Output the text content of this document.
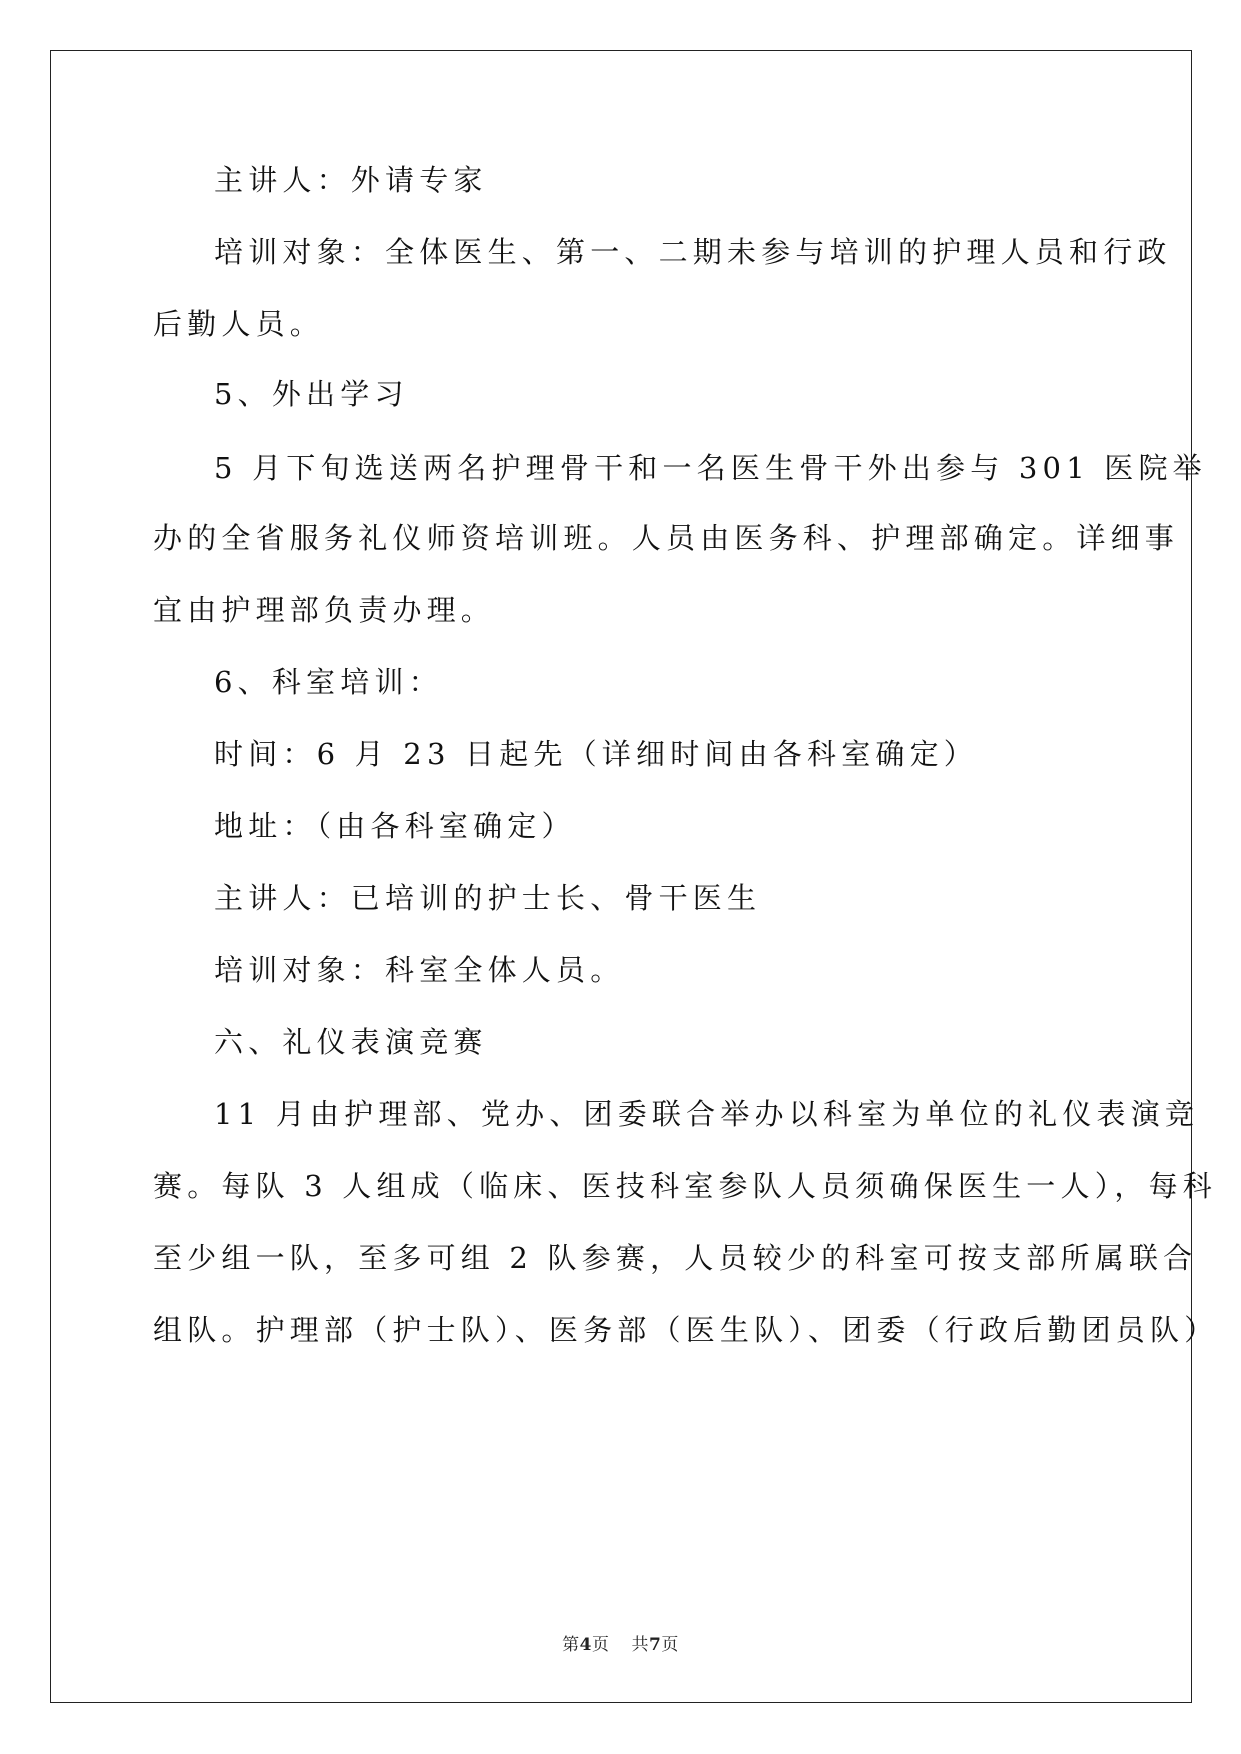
主讲人：外请专家
培训对象：全体医生、第一、二期未参与培训的护理人员和行政
后勤人员。
5、外出学习
5 月下旬选送两名护理骨干和一名医生骨干外出参与 301 医院举
办的全省服务礼仪师资培训班。人员由医务科、护理部确定。详细事
宜由护理部负责办理。
6、科室培训：
时间：6 月 23 日起先（详细时间由各科室确定）
地址：（由各科室确定）
主讲人：已培训的护士长、骨干医生
培训对象：科室全体人员。
六、礼仪表演竞赛
11 月由护理部、党办、团委联合举办以科室为单位的礼仪表演竞
赛。每队 3 人组成（临床、医技科室参队人员须确保医生一人），每科
至少组一队，至多可组 2 队参赛，人员较少的科室可按支部所属联合
组队。护理部（护士队）、医务部（医生队）、团委（行政后勤团员队）
第4页 共7页
